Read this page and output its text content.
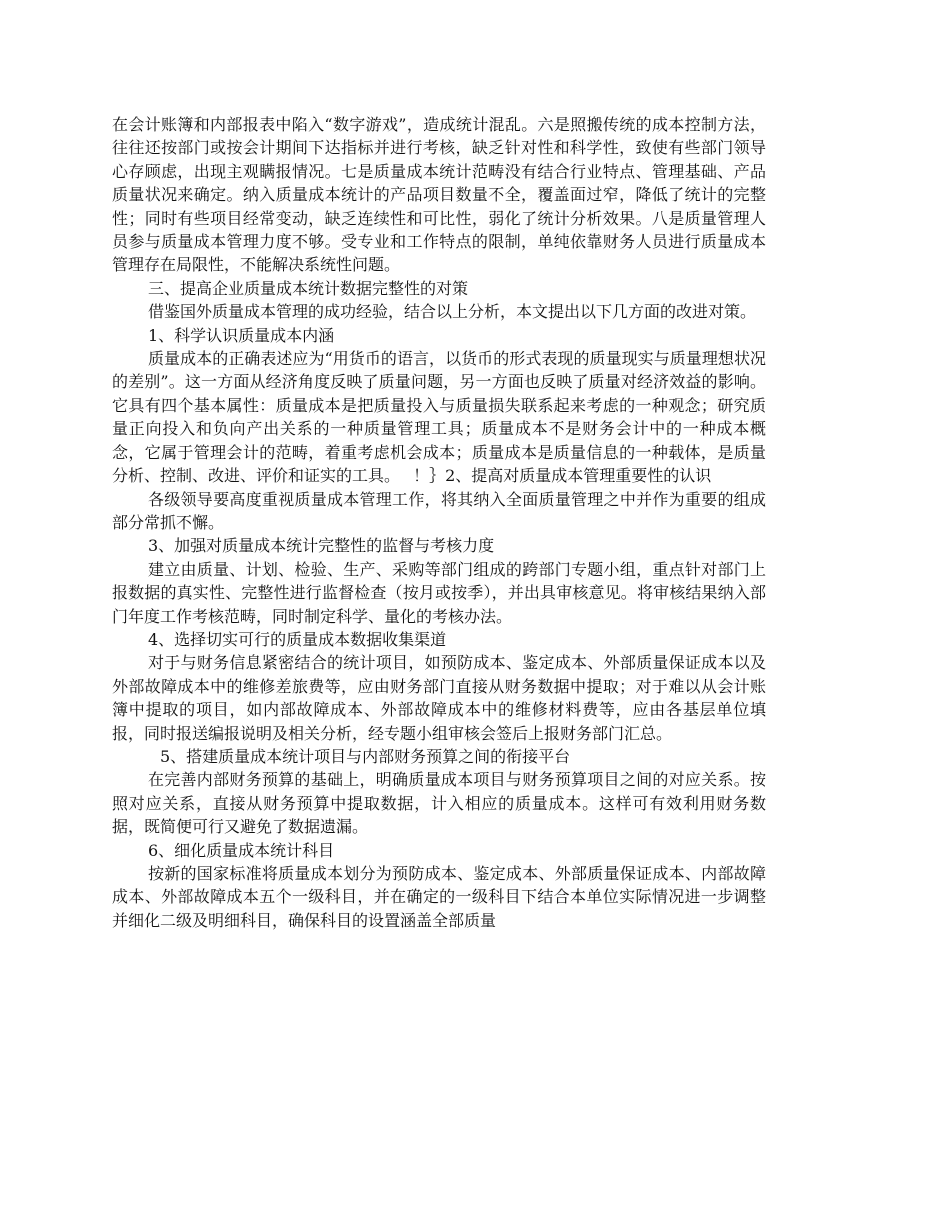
在会计账簿和内部报表中陷入“数字游戏”，造成统计混乱。六是照搬传统的成本控制方法，往往还按部门或按会计期间下达指标并进行考核，缺乏针对性和科学性，致使有些部门领导心存顾虑，出现主观瞒报情况。七是质量成本统计范畴没有结合行业特点、管理基础、产品质量状况来确定。纳入质量成本统计的产品项目数量不全，覆盖面过窄，降低了统计的完整性；同时有些项目经常变动，缺乏连续性和可比性，弱化了统计分析效果。八是质量管理人员参与质量成本管理力度不够。受专业和工作特点的限制，单纯依靠财务人员进行质量成本管理存在局限性，不能解决系统性问题。

三、提高企业质量成本统计数据完整性的对策

借鉴国外质量成本管理的成功经验，结合以上分析，本文提出以下几方面的改进对策。

1、科学认识质量成本内涵

质量成本的正确表述应为“用货币的语言，以货币的形式表现的质量现实与质量理想状况的差别”。这一方面从经济角度反映了质量问题，另一方面也反映了质量对经济效益的影响。它具有四个基本属性：质量成本是把质量投入与质量损失联系起来考虑的一种观念；研究质量正向投入和负向产出关系的一种质量管理工具；质量成本不是财务会计中的一种成本概念，它属于管理会计的范畴，着重考虑机会成本；质量成本是质量信息的一种载体，是质量分析、控制、改进、评价和证实的工具。　 ！｝2、提高对质量成本管理重要性的认识

各级领导要高度重视质量成本管理工作，将其纳入全面质量管理之中并作为重要的组成部分常抓不懈。

3、加强对质量成本统计完整性的监督与考核力度

建立由质量、计划、检验、生产、采购等部门组成的跨部门专题小组，重点针对部门上报数据的真实性、完整性进行监督检查（按月或按季），并出具审核意见。将审核结果纳入部门年度工作考核范畴，同时制定科学、量化的考核办法。

4、选择切实可行的质量成本数据收集渠道

对于与财务信息紧密结合的统计项目，如预防成本、鉴定成本、外部质量保证成本以及外部故障成本中的维修差旅费等，应由财务部门直接从财务数据中提取；对于难以从会计账簿中提取的项目，如内部故障成本、外部故障成本中的维修材料费等，应由各基层单位填报，同时报送编报说明及相关分析，经专题小组审核会签后上报财务部门汇总。

5、搭建质量成本统计项目与内部财务预算之间的衔接平台

在完善内部财务预算的基础上，明确质量成本项目与财务预算项目之间的对应关系。按照对应关系，直接从财务预算中提取数据，计入相应的质量成本。这样可有效利用财务数据，既简便可行又避免了数据遗漏。

6、细化质量成本统计科目

按新的国家标准将质量成本划分为预防成本、鉴定成本、外部质量保证成本、内部故障成本、外部故障成本五个一级科目，并在确定的一级科目下结合本单位实际情况进一步调整并细化二级及明细科目，确保科目的设置涵盖全部质量
